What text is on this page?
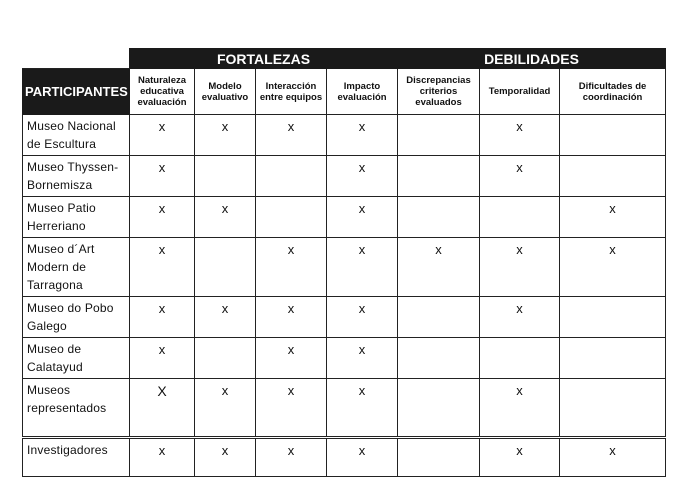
	FORTALEZAS				DEBILIDADES		
PARTICIPANTES	Naturaleza educativa evaluación	Modelo evaluativo	Interacción entre equipos	Impacto evaluación	Discrepancias criterios evaluados	Temporalidad	Dificultades de coordinación
Museo Nacional de Escultura	x	x	x	x		x	
Museo Thyssen-Bornemisza	x			x		x	
Museo Patio Herreriano	x	x		x			x
Museo d´Art Modern de Tarragona	x		x	x	x	x	x
Museo do Pobo Galego	x	x	x	x		x	
Museo de Calatayud	x		x	x			
Museos representados	X	x	x	x		x	
Investigadores	x	x	x	x		x	x
